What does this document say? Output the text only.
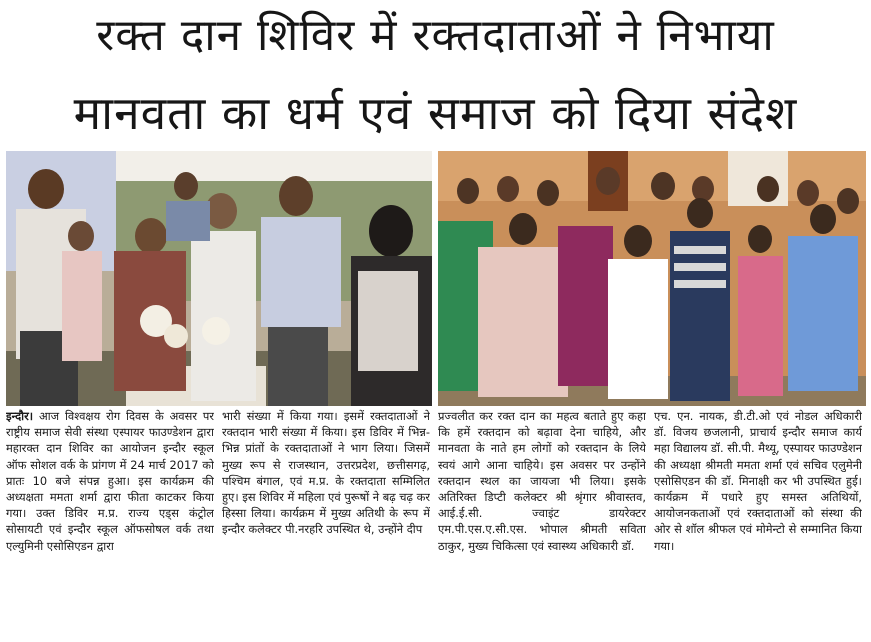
रक्त दान शिविर में रक्तदाताओं ने निभाया
मानवता का धर्म एवं समाज को दिया संदेश
इन्दौर। आज विश्वक्षय रोग दिवस के अवसर पर राष्ट्रीय समाज सेवी संस्था एस्पायर फाउण्डेशन द्वारा महारक्त दान शिविर का आयोजन इन्दौर स्कूल ऑफ सोशल वर्क के प्रांगण में 24 मार्च 2017 को प्रातः 10 बजे संपन्न हुआ। इस कार्यक्रम की अध्यक्षता ममता शर्मा द्वारा फीता काटकर किया गया। उक्त डिविर म.प्र. राज्य एड्स कंट्रोल सोसायटी एवं इन्दौर स्कूल ऑफसोषल वर्क तथा एल्युमिनी एसोसिएडन द्वारा
भारी संख्या में किया गया। इसमें रक्तदाताओं ने रक्तदान भारी संख्या में किया। इस डिविर में भिन्न-भिन्न प्रांतों के रक्तदाताओं ने भाग लिया। जिसमें मुख्य रूप से राजस्थान, उत्तरप्रदेश, छत्तीसगढ़, पश्चिम बंगाल, एवं म.प्र. के रक्तदाता सम्मिलित हुए। इस शिविर में महिला एवं पुरूषों ने बढ़ चढ़ कर हिस्सा लिया। कार्यक्रम में मुख्य अतिथी के रूप में इन्दौर कलेक्टर पी.नरहरि उपस्थित थे, उन्होंने दीप
प्रज्वलीत कर रक्त दान का महत्व बताते हुए कहा कि हमें रक्तदान को बढ़ावा देना चाहिये, और मानवता के नाते हम लोगों को रक्तदान के लिये स्वयं आगे आना चाहिये। इस अवसर पर उन्होंने रक्तदान स्थल का जायजा भी लिया। इसके अतिरिक्त डिप्टी कलेक्टर श्री श्रृंगार श्रीवास्तव, आई.ई.सी. ज्वाइंट डायरेक्टर एम.पी.एस.ए.सी.एस. भोपाल श्रीमती सविता ठाकुर, मुख्य चिकित्सा एवं स्वास्थ्य अधिकारी डॉ.
एच. एन. नायक, डी.टी.ओ एवं नोडल अधिकारी डॉ. विजय छजलानी, प्राचार्य इन्दौर समाज कार्य महा विद्यालय डॉ. सी.पी. मैथ्यू, एस्पायर फाउण्डेशन की अध्यक्षा श्रीमती ममता शर्मा एवं सचिव एलुमेनी एसोसिएडन की डॉ. मिनाक्षी कर भी उपस्थित हुई। कार्यक्रम में पधारे हुए समस्त अतिथियों, आयोजनकताओं एवं रक्तदाताओं को संस्था की ओर से शॉल श्रीफल एवं मोमेन्टो से सम्मानित किया गया।
